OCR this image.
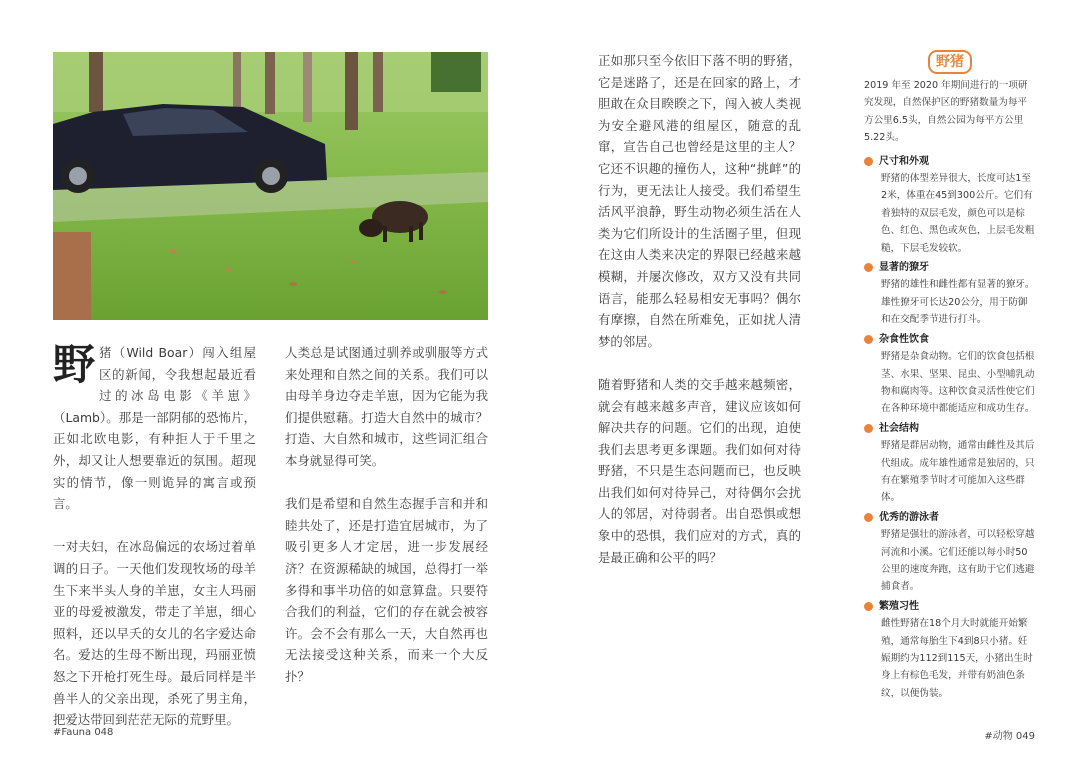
野猪（Wild Boar）闯入组屋区的新闻，令我想起最近看过的冰岛电影《羊崽》（Lamb）。那是一部阴郁的恐怖片，正如北欧电影，有种拒人于千里之外，却又让人想要靠近的氛围。超现实的情节，像一则诡异的寓言或预言。

一对夫妇，在冰岛偏远的农场过着单调的日子。一天他们发现牧场的母羊生下来半头人身的羊崽，女主人玛丽亚的母爱被激发，带走了羊崽，细心照料，还以早夭的女儿的名字爱达命名。爱达的生母不断出现，玛丽亚愤怒之下开枪打死生母。最后同样是半兽半人的父亲出现，杀死了男主角，把爱达带回到茫茫无际的荒野里。

人类总是试图通过驯养或驯服等方式来处理和自然之间的关系。我们可以由母羊身边夺走羊崽，因为它能为我们提供慰藉。打造大自然中的城市？打造、大自然和城市，这些词汇组合本身就显得可笑。

我们是希望和自然生态握手言和并和睦共处了，还是打造宜居城市，为了吸引更多人才定居，进一步发展经济？在资源稀缺的城国，总得打一举多得和事半功倍的如意算盘。只要符合我们的利益，它们的存在就会被容许。会不会有那么一天，大自然再也无法接受这种关系，而来一个大反扑？

正如那只至今依旧下落不明的野猪，它是迷路了，还是在回家的路上，才胆敢在众目睽睽之下，闯入被人类视为安全避风港的组屋区，随意的乱窜，宣告自己也曾经是这里的主人？它还不识趣的撞伤人，这种“挑衅”的行为，更无法让人接受。我们希望生活风平浪静，野生动物必须生活在人类为它们所设计的生活圈子里，但现在这由人类来决定的界限已经越来越模糊，并屡次修改，双方又没有共同语言，能那么轻易相安无事吗？偶尔有摩擦，自然在所难免，正如扰人清梦的邻居。

随着野猪和人类的交手越来越频密，就会有越来越多声音，建议应该如何解决共存的问题。它们的出现，迫使我们去思考更多课题。我们如何对待野猪，不只是生态问题而已，也反映出我们如何对待异己，对待偶尔会扰人的邻居，对待弱者。出自恐惧或想象中的恐惧，我们应对的方式，真的是最正确和公平的吗？

野猪

2019 年至 2020 年期间进行的一项研究发现，自然保护区的野猪数量为每平方公里6.5头，自然公园为每平方公里5.22头。

尺寸和外观

野猪的体型差异很大，长度可达1至2米，体重在45到300公斤。它们有着独特的双层毛发，颜色可以是棕色、红色、黑色或灰色，上层毛发粗糙，下层毛发较软。

显著的獠牙

野猪的雄性和雌性都有显著的獠牙。雄性獠牙可长达20公分，用于防御和在交配季节进行打斗。

杂食性饮食

野猪是杂食动物。它们的饮食包括根茎、水果、坚果、昆虫、小型哺乳动物和腐肉等。这种饮食灵活性使它们在各种环境中都能适应和成功生存。

社会结构

野猪是群居动物，通常由雌性及其后代组成。成年雄性通常是独居的，只有在繁殖季节时才可能加入这些群体。

优秀的游泳者

野猪是强壮的游泳者，可以轻松穿越河流和小溪。它们还能以每小时50公里的速度奔跑，这有助于它们逃避捕食者。

繁殖习性

雌性野猪在18个月大时就能开始繁殖，通常每胎生下4到8只小猪。妊娠期约为112到115天，小猪出生时身上有棕色毛发，并带有奶油色条纹，以便伪装。

#Fauna 048	#动物 049
